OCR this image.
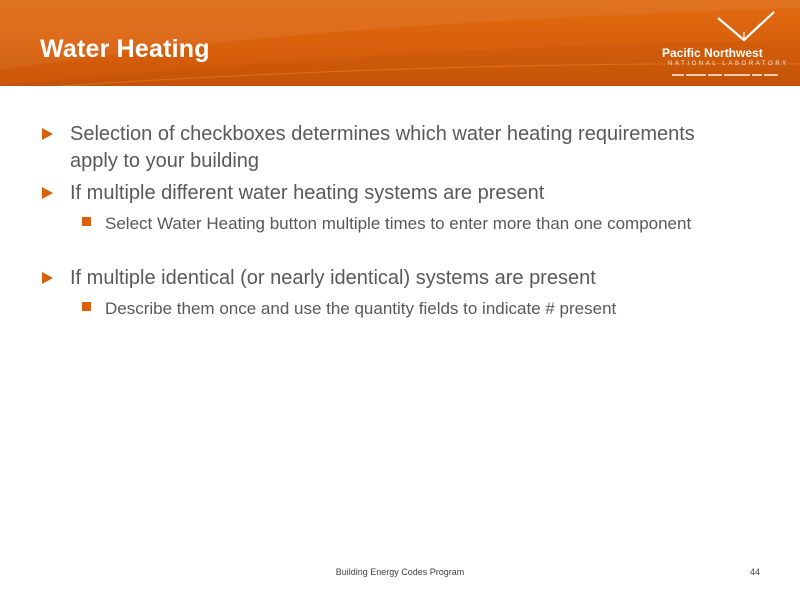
Water Heating	Pacific Northwest
NATIONAL LABORATORY
Selection of checkboxes determines which water heating requirements apply to your building
If multiple different water heating systems are present
Select Water Heating button multiple times to enter more than one component
If multiple identical (or nearly identical) systems are present
Describe them once and use the quantity fields to indicate # present
Building Energy Codes Program	44
